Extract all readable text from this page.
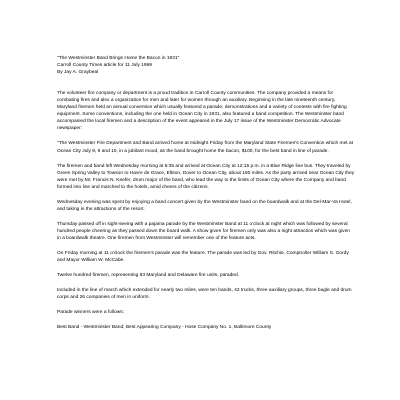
"The Westminster Band Brings Home the Bacon in 1931"
Carroll County Times article for 11 July 1999
By Jay A. Graybeal

The volunteer fire company or department is a proud tradition in Carroll County communities. The company provided a means for combating fires and also a organization for men and later for women through an auxiliary. Beginning in the late nineteenth century, Maryland firemen held an annual convention which usually featured a parade, demonstrations and a variety of contests with fire fighting equipment. Some conventions, including the one held in Ocean City in 1931, also featured a band competition. The Westminster band accompanied the local firemen and a description of the event appeared in the July 17 issue of the Westminster Democratic Advocate newspaper:

"The Westminster Fire Department and Band arrived home at midnight Friday from the Maryland State Firemen's Convention which met at Ocean City July 8, 9 and 10, in a jubilant mood, as the band brought home the bacon, $100, for the best band in line of parade.

The firemen and band left Wednesday morning at 6:35 and arrived at Ocean City at 12:15 p.m. in a Blue Ridge line bus. They traveled by Green Spring Valley to Towson to Havre de Grace, Elkton, Dover to Ocean City, about 190 miles. As the party arrived near Ocean City they were met by Mr. Francis N. Keefer, drum major of the band, who lead the way to the limits of Ocean City where the Company and band formed into line and marched to the hotels, amid cheers of the citizens.

Wednesday evening was spent by enjoying a band concert given by the Westminster band on the boardwalk and at the Del-Mar-Va Hotel, and taking in the attractions of the resort.

Thursday passed off in sight-seeing with a pajama parade by the Westminster Band at 11 o'clock at night which was followed by several hundred people cheering as they passed down the board walk. A show given for firemen only was also a night attraction which was given in a boardwalk theatre. One firemen from Westminster will remember one of the feature acts.

On Friday morning at 11 o'clock the firemen's parade was the feature. The parade was led by Gov. Ritchie, Comptroller William S. Gordy and Mayor William W. McCabe.

Twelve hundred firemen, representing 83 Maryland and Delaware fire units, paraded.

Included in the line of march which extended for nearly two miles, were ten bands, 42 trucks, three auxiliary groups, three bugle and drum corps and 26 companies of men in uniform.

Parade winners were a follows:

Best Band - Westminster Band; Best Appearing Company - Hose Company No. 1, Baltimore County
